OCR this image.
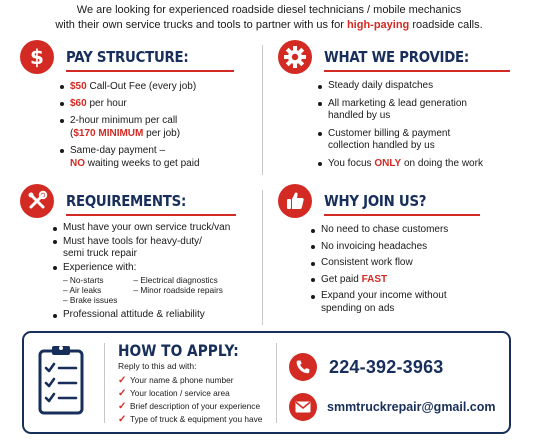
We are looking for experienced roadside diesel technicians / mobile mechanics
with their own service trucks and tools to partner with us for high-paying roadside calls.
$ PAY STRUCTURE:
$50 Call-Out Fee (every job)
$60 per hour
2-hour minimum per call
($170 MINIMUM per job)
Same-day payment –
NO waiting weeks to get paid
WHAT WE PROVIDE:
Steady daily dispatches
All marketing & lead generation handled by us
Customer billing & payment collection handled by us
You focus ONLY on doing the work
REQUIREMENTS:
Must have your own service truck/van
Must have tools for heavy-duty/ semi truck repair
Experience with:
– No-starts
– Air leaks
– Brake issues
– Electrical diagnostics
– Minor roadside repairs
Professional attitude & reliability
WHY JOIN US?
No need to chase customers
No invoicing headaches
Consistent work flow
Get paid FAST
Expand your income without spending on ads
HOW TO APPLY:
Reply to this ad with:
✓ Your name & phone number
✓ Your location / service area
✓ Brief description of your experience
✓ Type of truck & equipment you have
224-392-3963
smmtruckrepair@gmail.com
